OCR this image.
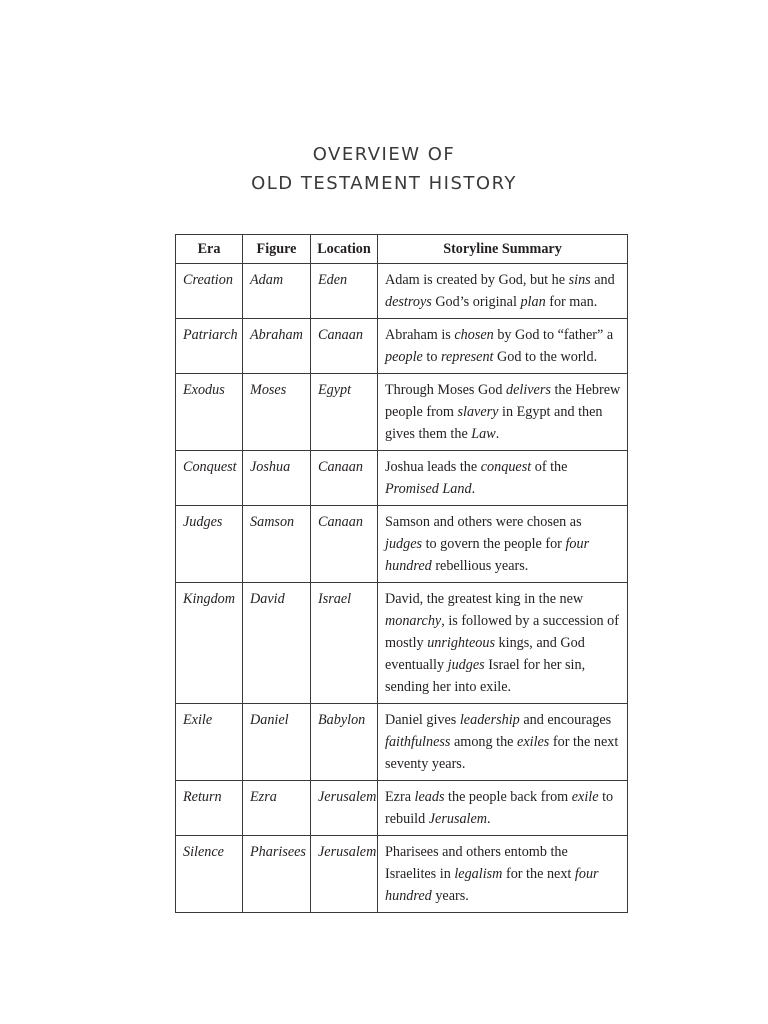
OVERVIEW OF
OLD TESTAMENT HISTORY
Era	Figure	Location	Storyline Summary
Creation	Adam	Eden	Adam is created by God, but he sins and destroys God’s original plan for man.
Patriarch	Abraham	Canaan	Abraham is chosen by God to “father” a people to represent God to the world.
Exodus	Moses	Egypt	Through Moses God delivers the Hebrew people from slavery in Egypt and then gives them the Law.
Conquest	Joshua	Canaan	Joshua leads the conquest of the Promised Land.
Judges	Samson	Canaan	Samson and others were chosen as judges to govern the people for four hundred rebellious years.
Kingdom	David	Israel	David, the greatest king in the new monarchy, is followed by a succession of mostly unrighteous kings, and God eventually judges Israel for her sin, sending her into exile.
Exile	Daniel	Babylon	Daniel gives leadership and encourages faithfulness among the exiles for the next seventy years.
Return	Ezra	Jerusalem	Ezra leads the people back from exile to rebuild Jerusalem.
Silence	Pharisees	Jerusalem	Pharisees and others entomb the Israelites in legalism for the next four hundred years.
